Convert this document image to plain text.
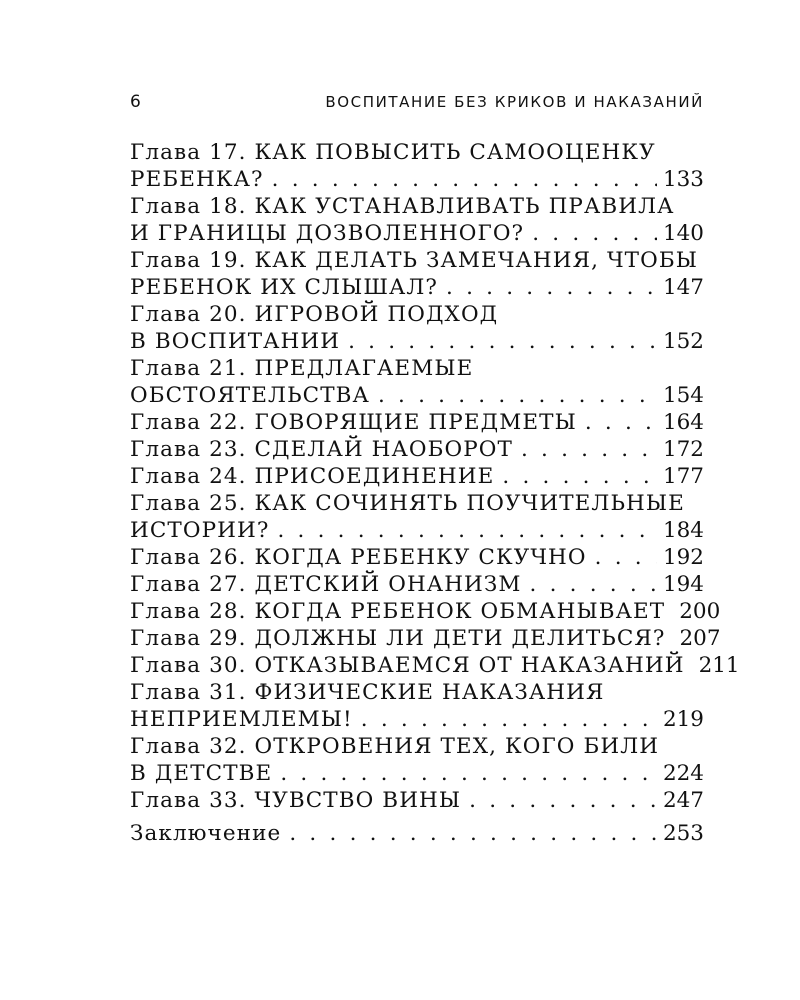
6	ВОСПИТАНИЕ БЕЗ КРИКОВ И НАКАЗАНИЙ
Глава 17. КАК ПОВЫСИТЬ САМООЦЕНКУ
РЕБЕНКА? . . .	133
Глава 18. КАК УСТАНАВЛИВАТЬ ПРАВИЛА
И ГРАНИЦЫ ДОЗВОЛЕННОГО? . . .	140
Глава 19. КАК ДЕЛАТЬ ЗАМЕЧАНИЯ, ЧТОБЫ
РЕБЕНОК ИХ СЛЫШАЛ? . . .	147
Глава 20. ИГРОВОЙ ПОДХОД
В ВОСПИТАНИИ . . .	152
Глава 21. ПРЕДЛАГАЕМЫЕ
ОБСТОЯТЕЛЬСТВА . . .	154
Глава 22. ГОВОРЯЩИЕ ПРЕДМЕТЫ . . .	164
Глава 23. СДЕЛАЙ НАОБОРОТ . . .	172
Глава 24. ПРИСОЕДИНЕНИЕ . . .	177
Глава 25. КАК СОЧИНЯТЬ ПОУЧИТЕЛЬНЫЕ
ИСТОРИИ? . . .	184
Глава 26. КОГДА РЕБЕНКУ СКУЧНО . . .	192
Глава 27. ДЕТСКИЙ ОНАНИЗМ . . .	194
Глава 28. КОГДА РЕБЕНОК ОБМАНЫВАЕТ 200
Глава 29. ДОЛЖНЫ ЛИ ДЕТИ ДЕЛИТЬСЯ? 207
Глава 30. ОТКАЗЫВАЕМСЯ ОТ НАКАЗАНИЙ 211
Глава 31. ФИЗИЧЕСКИЕ НАКАЗАНИЯ
НЕПРИЕМЛЕМЫ! . . .	219
Глава 32. ОТКРОВЕНИЯ ТЕХ, КОГО БИЛИ
В ДЕТСТВЕ . . .	224
Глава 33. ЧУВСТВО ВИНЫ . . .	247
Заключение . . .	253
